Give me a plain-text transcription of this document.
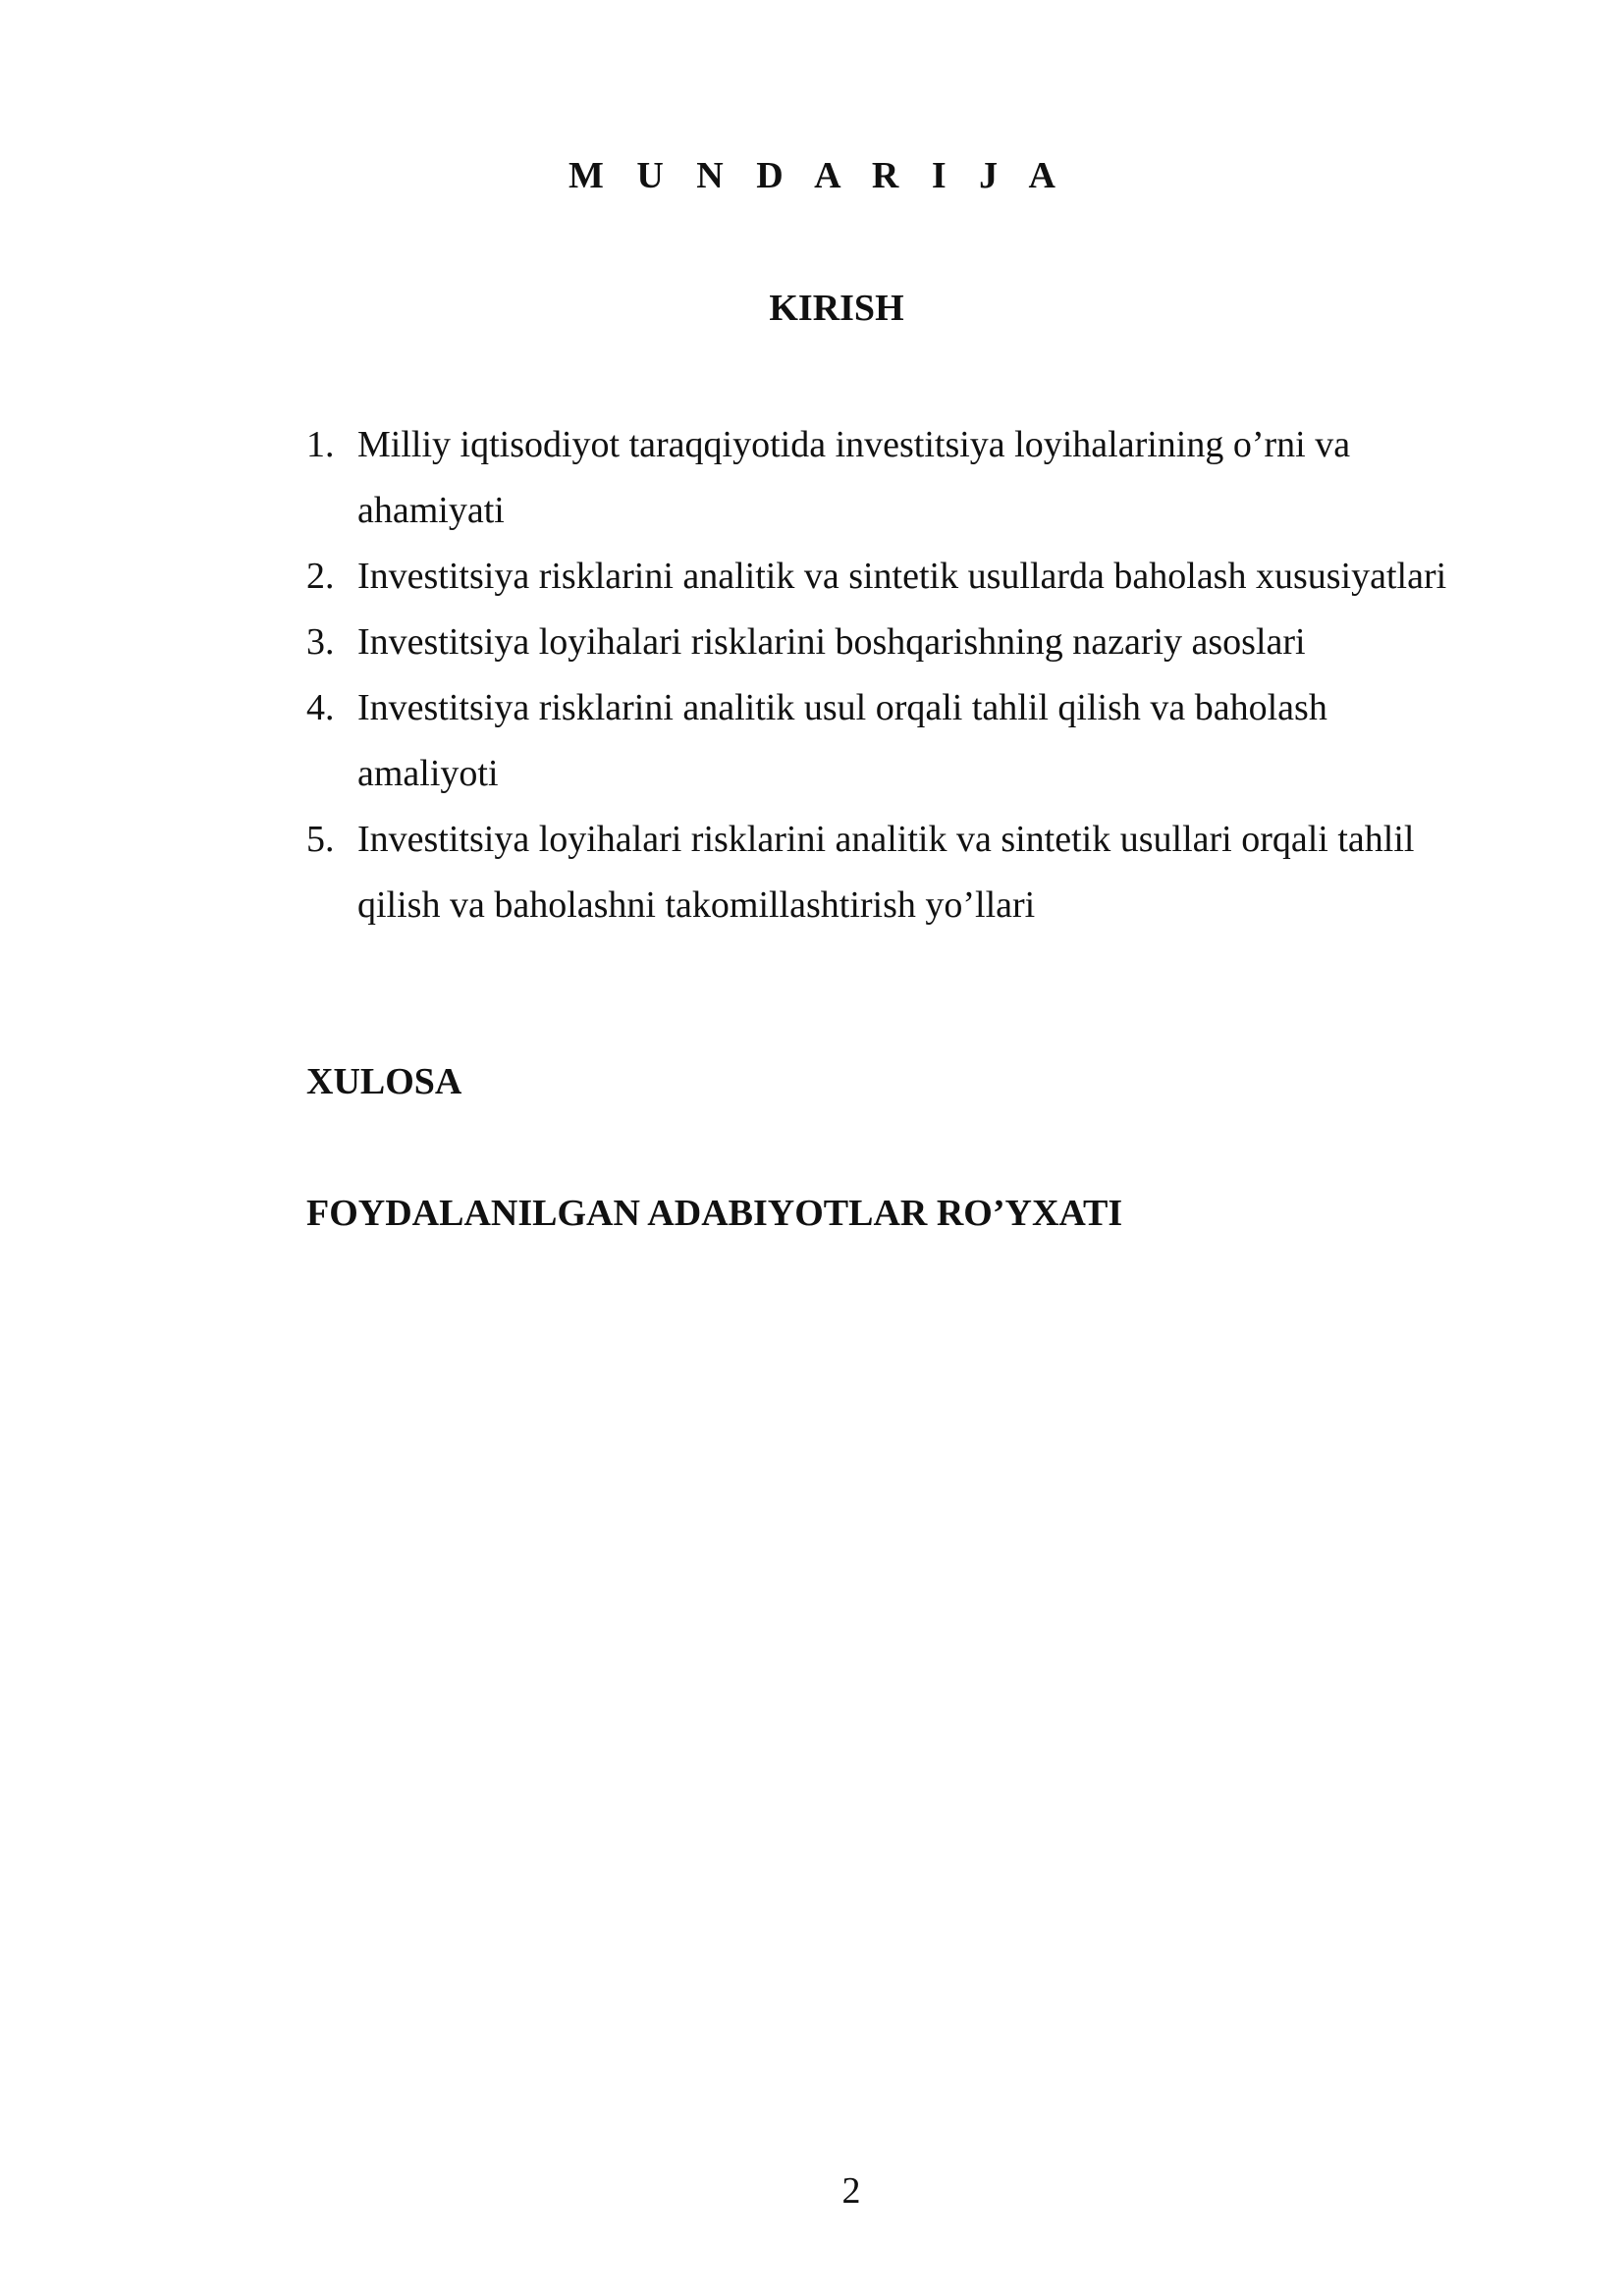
M U N D A R I J A
KIRISH
1. Milliy iqtisodiyot taraqqiyotida investitsiya loyihalarining o’rni va ahamiyati
2. Investitsiya risklarini analitik va sintetik usullarda baholash xususiyatlari
3. Investitsiya loyihalari risklarini boshqarishning nazariy asoslari
4. Investitsiya risklarini analitik usul orqali tahlil qilish va baholash amaliyoti
5. Investitsiya loyihalari risklarini analitik va sintetik usullari orqali tahlil qilish va baholashni takomillashtirish yo’llari
XULOSA
FOYDALANILGAN ADABIYOTLAR RO’YXATI
2
